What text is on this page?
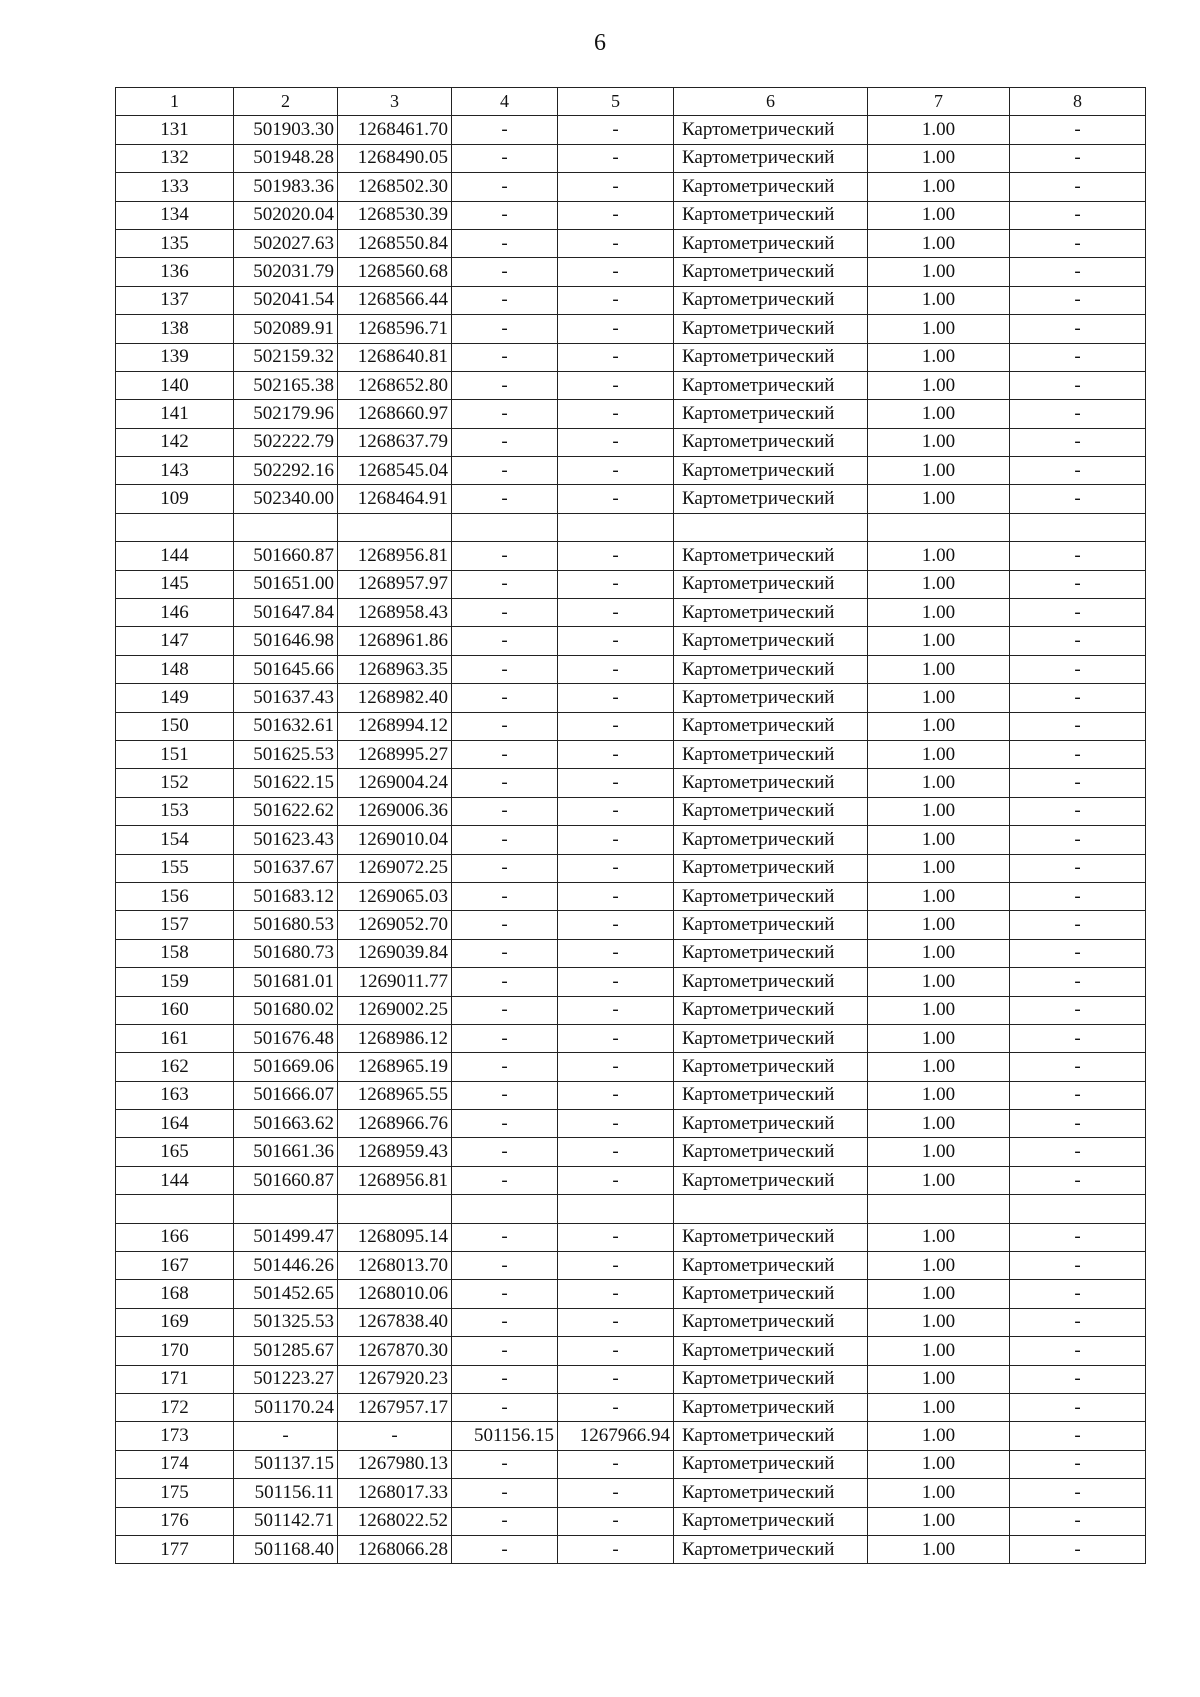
6
1	2	3	4	5	6	7	8
131	501903.30	1268461.70	-	-	Картометрический	1.00	-
132	501948.28	1268490.05	-	-	Картометрический	1.00	-
133	501983.36	1268502.30	-	-	Картометрический	1.00	-
134	502020.04	1268530.39	-	-	Картометрический	1.00	-
135	502027.63	1268550.84	-	-	Картометрический	1.00	-
136	502031.79	1268560.68	-	-	Картометрический	1.00	-
137	502041.54	1268566.44	-	-	Картометрический	1.00	-
138	502089.91	1268596.71	-	-	Картометрический	1.00	-
139	502159.32	1268640.81	-	-	Картометрический	1.00	-
140	502165.38	1268652.80	-	-	Картометрический	1.00	-
141	502179.96	1268660.97	-	-	Картометрический	1.00	-
142	502222.79	1268637.79	-	-	Картометрический	1.00	-
143	502292.16	1268545.04	-	-	Картометрический	1.00	-
109	502340.00	1268464.91	-	-	Картометрический	1.00	-

144	501660.87	1268956.81	-	-	Картометрический	1.00	-
145	501651.00	1268957.97	-	-	Картометрический	1.00	-
146	501647.84	1268958.43	-	-	Картометрический	1.00	-
147	501646.98	1268961.86	-	-	Картометрический	1.00	-
148	501645.66	1268963.35	-	-	Картометрический	1.00	-
149	501637.43	1268982.40	-	-	Картометрический	1.00	-
150	501632.61	1268994.12	-	-	Картометрический	1.00	-
151	501625.53	1268995.27	-	-	Картометрический	1.00	-
152	501622.15	1269004.24	-	-	Картометрический	1.00	-
153	501622.62	1269006.36	-	-	Картометрический	1.00	-
154	501623.43	1269010.04	-	-	Картометрический	1.00	-
155	501637.67	1269072.25	-	-	Картометрический	1.00	-
156	501683.12	1269065.03	-	-	Картометрический	1.00	-
157	501680.53	1269052.70	-	-	Картометрический	1.00	-
158	501680.73	1269039.84	-	-	Картометрический	1.00	-
159	501681.01	1269011.77	-	-	Картометрический	1.00	-
160	501680.02	1269002.25	-	-	Картометрический	1.00	-
161	501676.48	1268986.12	-	-	Картометрический	1.00	-
162	501669.06	1268965.19	-	-	Картометрический	1.00	-
163	501666.07	1268965.55	-	-	Картометрический	1.00	-
164	501663.62	1268966.76	-	-	Картометрический	1.00	-
165	501661.36	1268959.43	-	-	Картометрический	1.00	-
144	501660.87	1268956.81	-	-	Картометрический	1.00	-

166	501499.47	1268095.14	-	-	Картометрический	1.00	-
167	501446.26	1268013.70	-	-	Картометрический	1.00	-
168	501452.65	1268010.06	-	-	Картометрический	1.00	-
169	501325.53	1267838.40	-	-	Картометрический	1.00	-
170	501285.67	1267870.30	-	-	Картометрический	1.00	-
171	501223.27	1267920.23	-	-	Картометрический	1.00	-
172	501170.24	1267957.17	-	-	Картометрический	1.00	-
173	-	-	501156.15	1267966.94	Картометрический	1.00	-
174	501137.15	1267980.13	-	-	Картометрический	1.00	-
175	501156.11	1268017.33	-	-	Картометрический	1.00	-
176	501142.71	1268022.52	-	-	Картометрический	1.00	-
177	501168.40	1268066.28	-	-	Картометрический	1.00	-
